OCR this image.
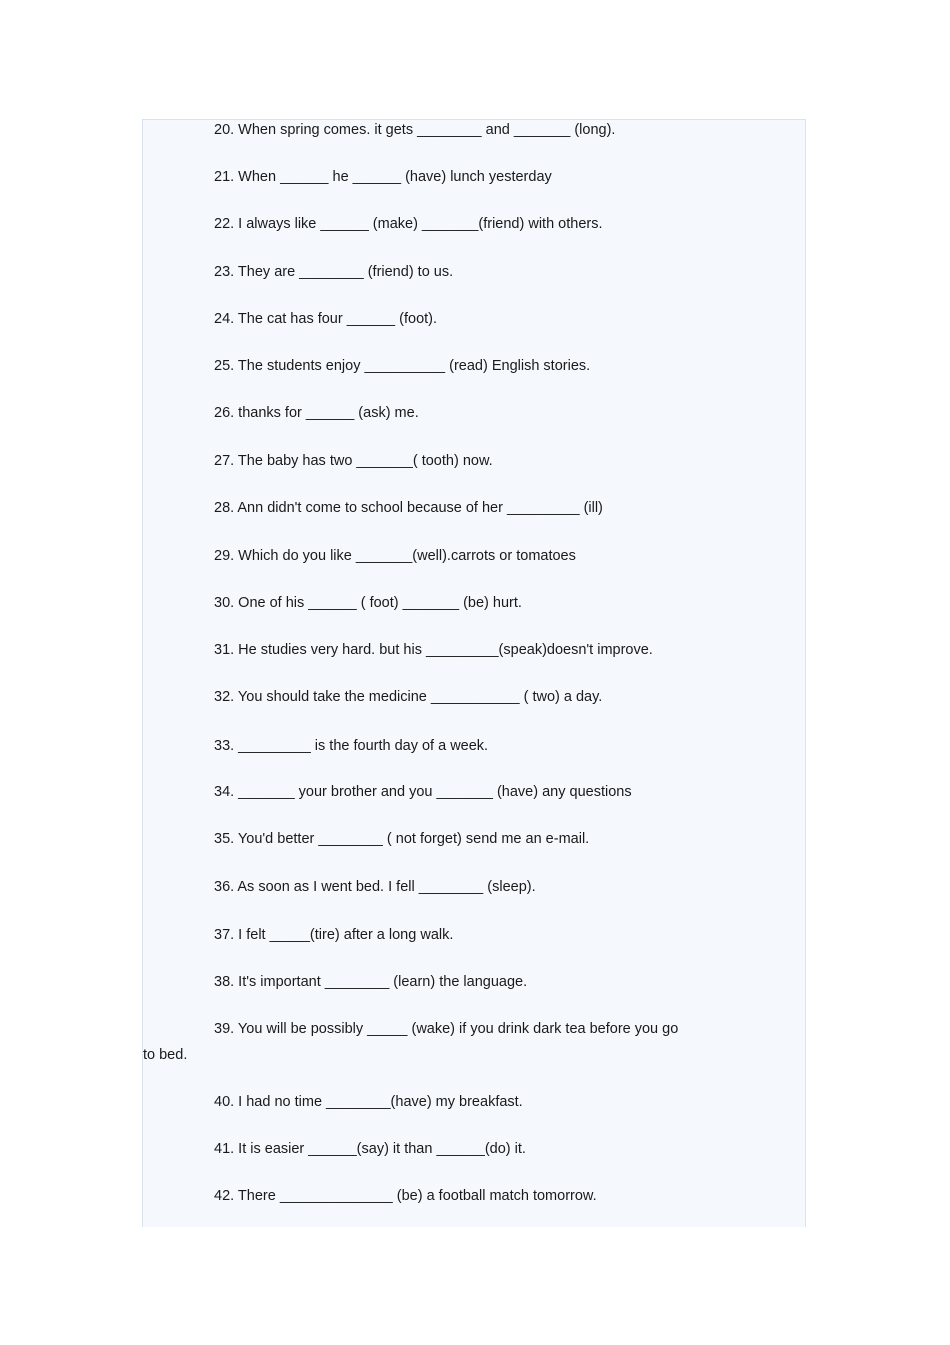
20. When spring comes. it gets ________ and _______ (long).

21. When ______ he ______ (have) lunch yesterday

22. I always like ______ (make) _______(friend) with others.

23. They are ________ (friend) to us.

24. The cat has four ______ (foot).

25. The students enjoy __________ (read) English stories.

26. thanks for ______ (ask) me.

27. The baby has two _______( tooth) now.

28. Ann didn't come to school because of her _________ (ill)

29. Which do you like _______(well).carrots or tomatoes

30. One of his ______ ( foot) _______ (be) hurt.

31. He studies very hard. but his _________(speak)doesn't improve.

32. You should take the medicine ___________ ( two) a day.

33. _________ is the fourth day of a week.

34. _______ your brother and you _______ (have) any questions

35. You'd better ________ ( not forget) send me an e-mail.

36. As soon as I went bed. I fell ________ (sleep).

37. I felt _____(tire) after a long walk.

38. It's important ________ (learn) the language.

39. You will be possibly _____ (wake) if you drink dark tea before you go

to bed.

40. I had no time ________(have) my breakfast.

41. It is easier ______(say) it than ______(do) it.

42. There ______________ (be) a football match tomorrow.
